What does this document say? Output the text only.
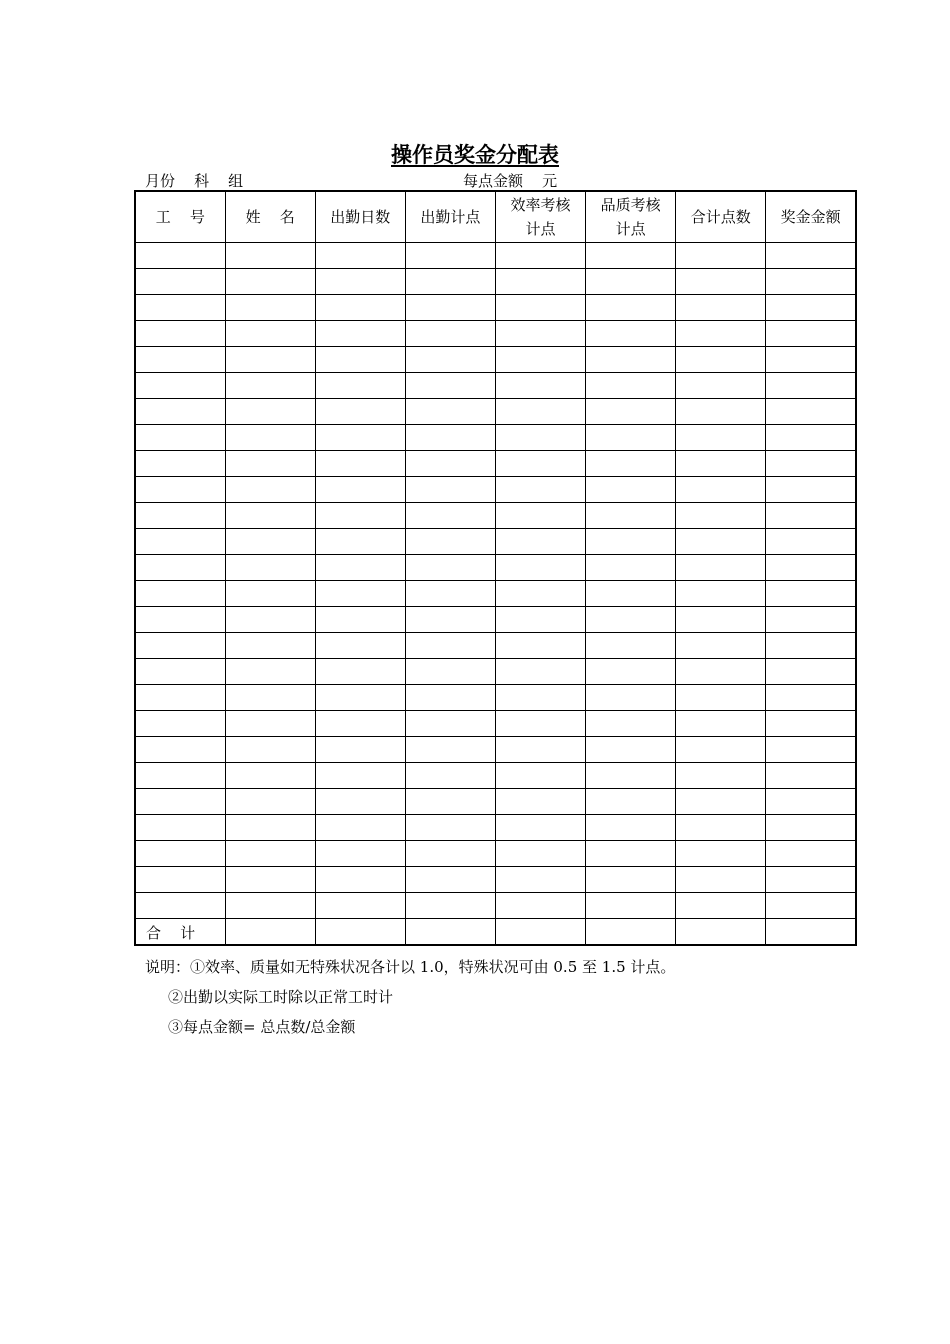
操作员奖金分配表
月份    科    组	每点金额    元
工    号	姓    名	出勤日数	出勤计点	效率考核计点	品质考核计点	合计点数	奖金金额

合    计							
说明：①效率、质量如无特殊状况各计以 1.0，特殊状况可由 0.5 至 1.5 计点。
②出勤以实际工时除以正常工时计
③每点金额= 总点数/总金额
